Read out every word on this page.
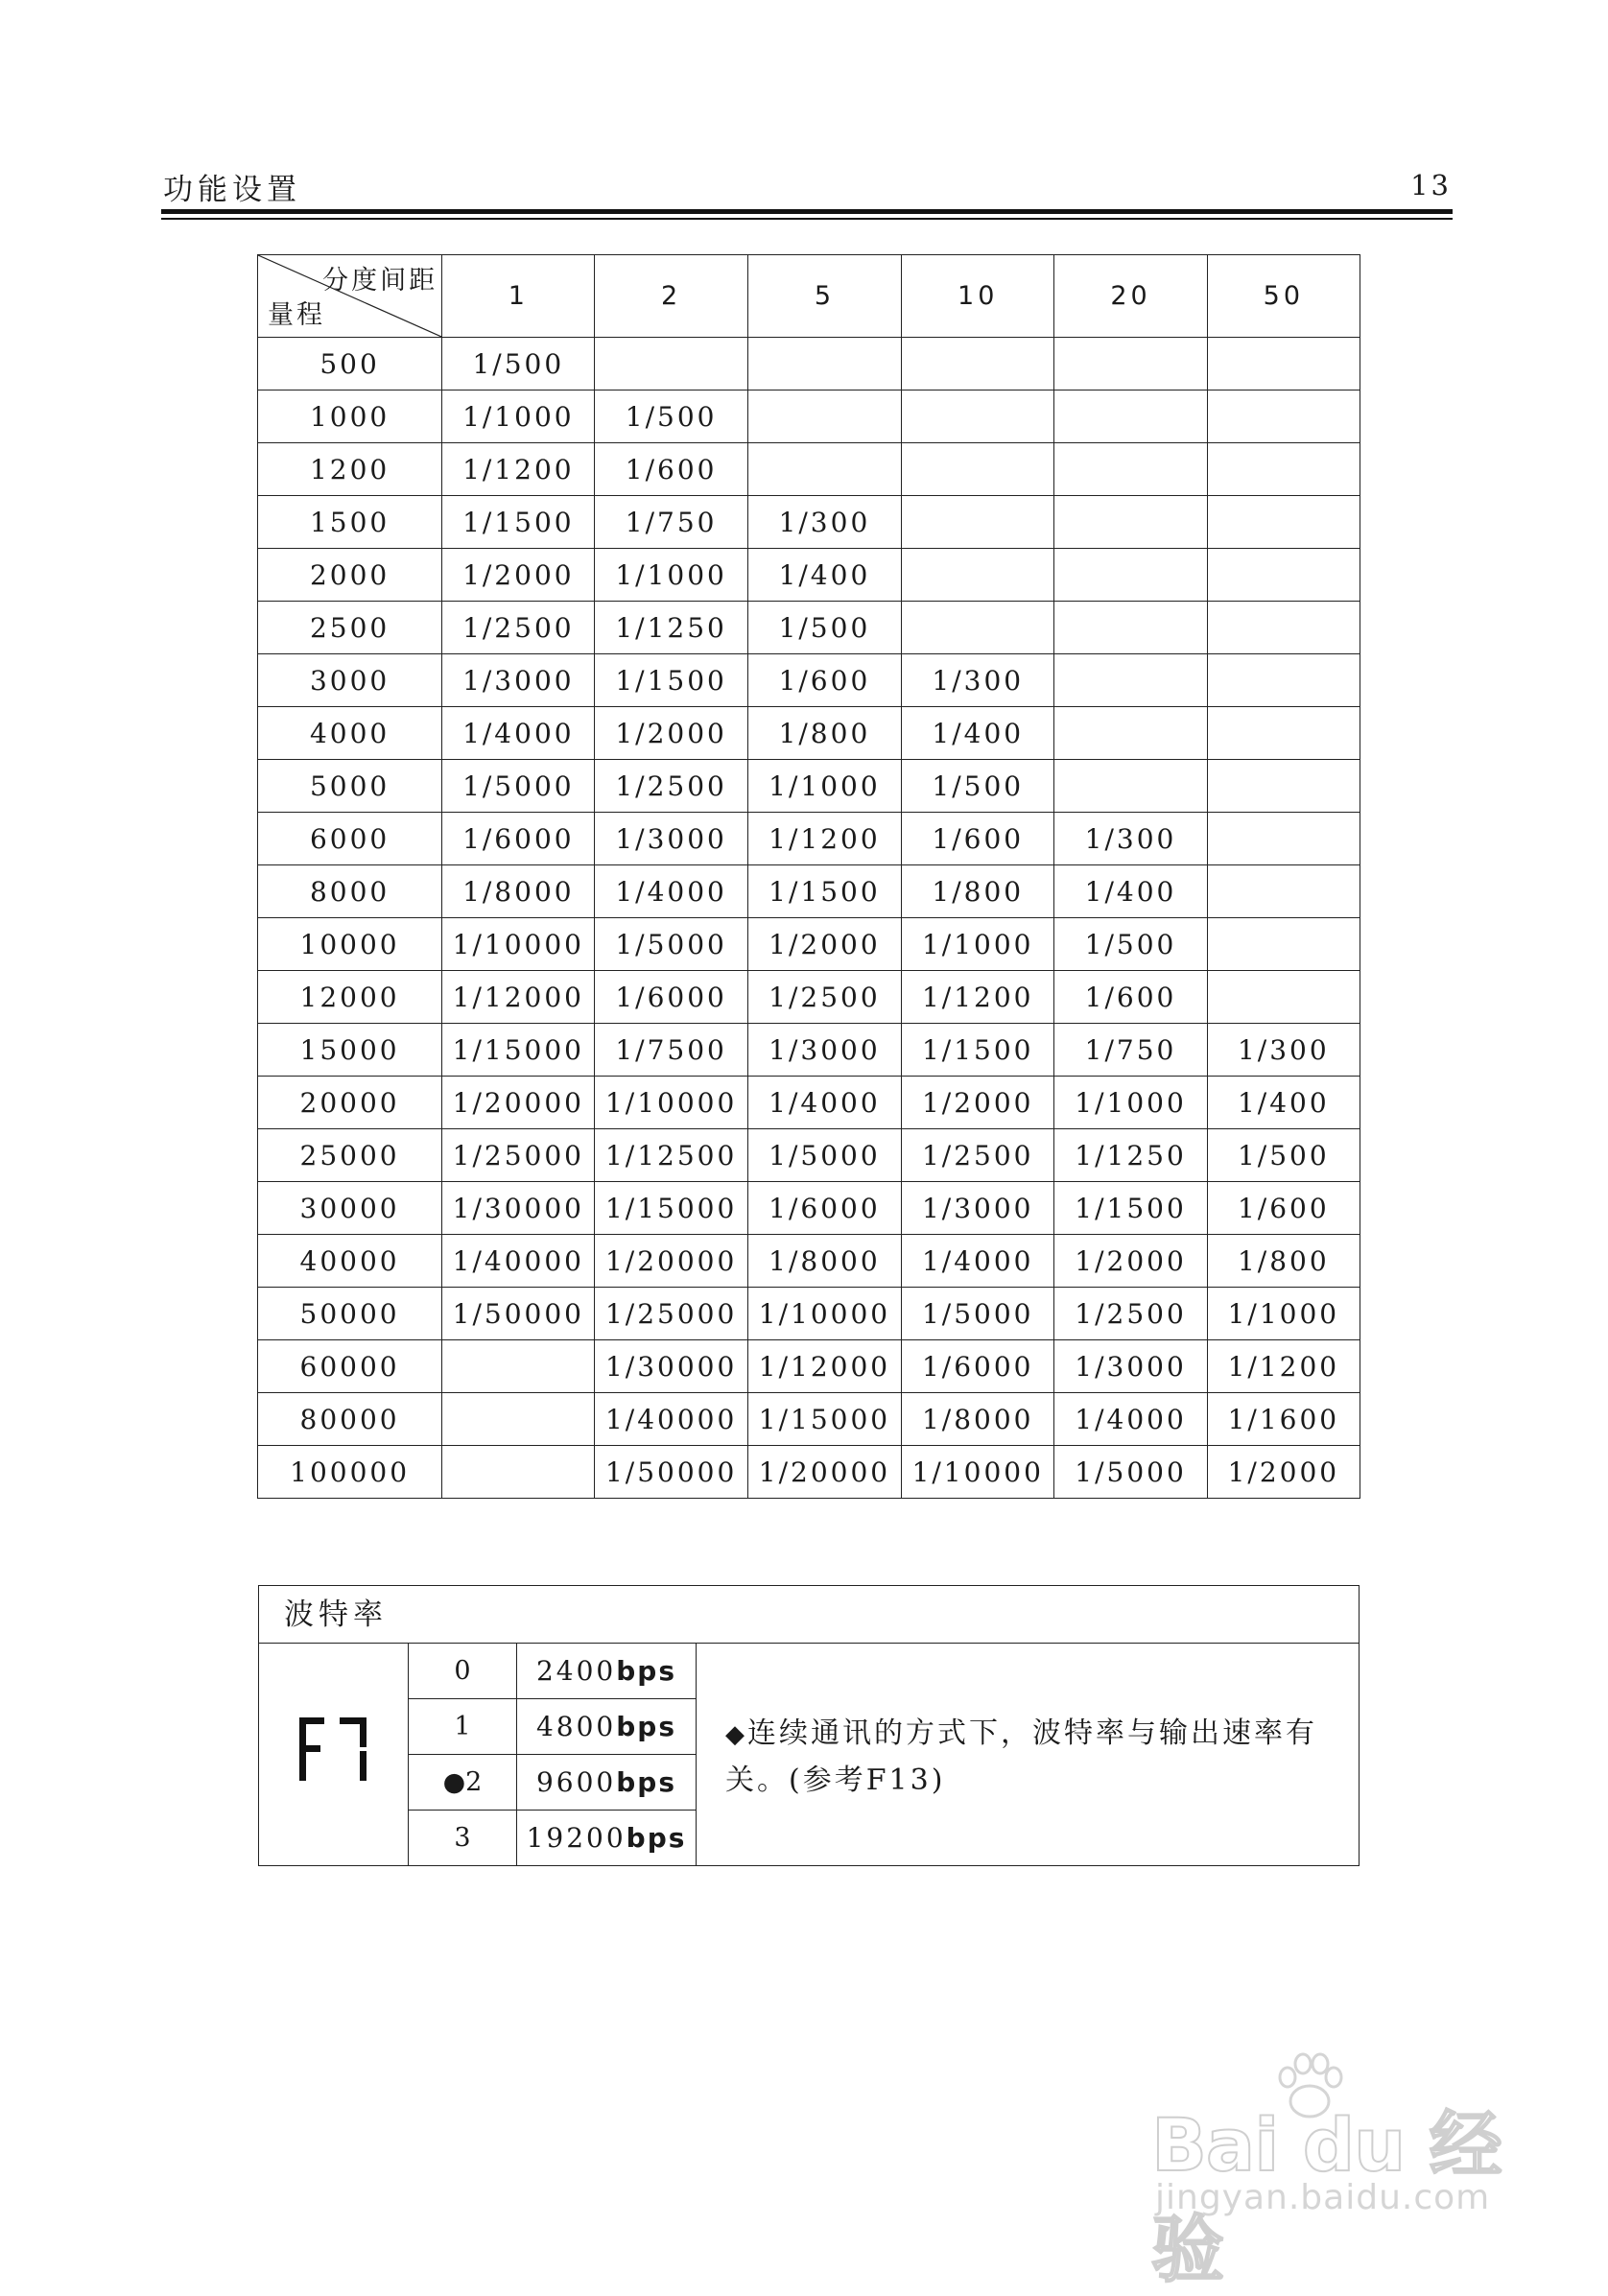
功能设置	13
分度间距
量程	1	2	5	10	20	50
500	1/500					
1000	1/1000	1/500				
1200	1/1200	1/600				
1500	1/1500	1/750	1/300			
2000	1/2000	1/1000	1/400			
2500	1/2500	1/1250	1/500			
3000	1/3000	1/1500	1/600	1/300		
4000	1/4000	1/2000	1/800	1/400		
5000	1/5000	1/2500	1/1000	1/500		
6000	1/6000	1/3000	1/1200	1/600	1/300	
8000	1/8000	1/4000	1/1500	1/800	1/400	
10000	1/10000	1/5000	1/2000	1/1000	1/500	
12000	1/12000	1/6000	1/2500	1/1200	1/600	
15000	1/15000	1/7500	1/3000	1/1500	1/750	1/300
20000	1/20000	1/10000	1/4000	1/2000	1/1000	1/400
25000	1/25000	1/12500	1/5000	1/2500	1/1250	1/500
30000	1/30000	1/15000	1/6000	1/3000	1/1500	1/600
40000	1/40000	1/20000	1/8000	1/4000	1/2000	1/800
50000	1/50000	1/25000	1/10000	1/5000	1/2500	1/1000
60000		1/30000	1/12000	1/6000	1/3000	1/1200
80000		1/40000	1/15000	1/8000	1/4000	1/1600
100000		1/50000	1/20000	1/10000	1/5000	1/2000
波特率
0	2400bps
1	4800bps
●2	9600bps
3	19200bps
◆连续通讯的方式下，波特率与输出速率有关。(参考F13)
Bai du 经验
jingyan.baidu.com
